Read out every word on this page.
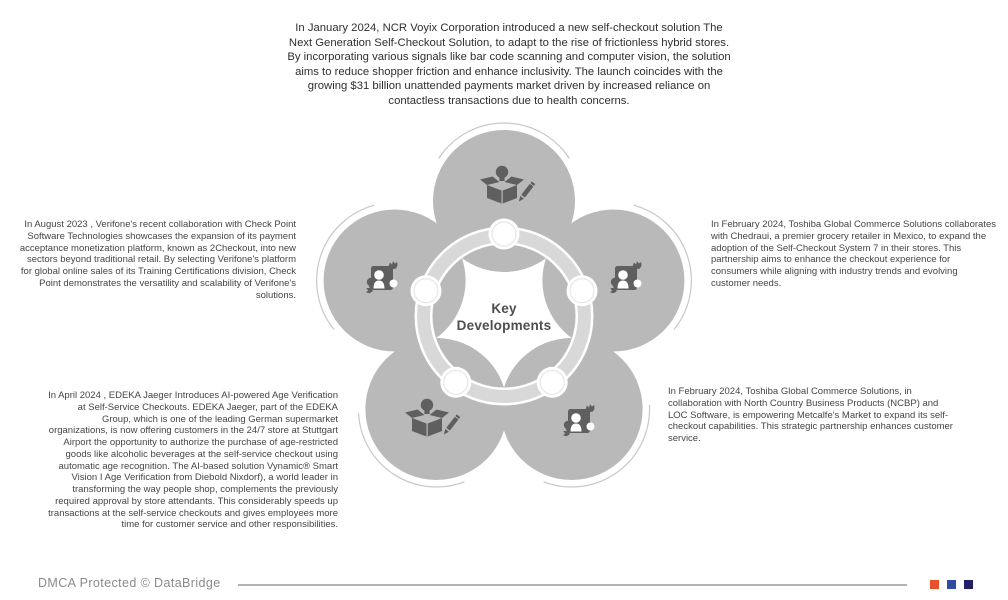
In January 2024, NCR Voyix Corporation introduced a new self-checkout solution The Next Generation Self-Checkout Solution, to adapt to the rise of frictionless hybrid stores. By incorporating various signals like bar code scanning and computer vision, the solution aims to reduce shopper friction and enhance inclusivity. The launch coincides with the growing $31 billion unattended payments market driven by increased reliance on contactless transactions due to health concerns.
In August 2023 , Verifone's recent collaboration with Check Point Software Technologies showcases the expansion of its payment acceptance monetization platform, known as 2Checkout, into new sectors beyond traditional retail. By selecting Verifone's platform for global online sales of its Training Certifications division, Check Point demonstrates the versatility and scalability of Verifone's solutions.
In February 2024, Toshiba Global Commerce Solutions collaborates with Chedraui, a premier grocery retailer in Mexico, to expand the adoption of the Self-Checkout System 7 in their stores. This partnership aims to enhance the checkout experience for consumers while aligning with industry trends and evolving customer needs.
In April 2024 , EDEKA Jaeger Introduces AI-powered Age Verification at Self-Service Checkouts. EDEKA Jaeger, part of the EDEKA Group, which is one of the leading German supermarket organizations, is now offering customers in the 24/7 store at Stuttgart Airport the opportunity to authorize the purchase of age-restricted goods like alcoholic beverages at the self-service checkout using automatic age recognition. The AI-based solution Vynamic® Smart Vision I Age Verification from Diebold Nixdorf), a world leader in transforming the way people shop, complements the previously required approval by store attendants. This considerably speeds up transactions at the self-service checkouts and gives employees more time for customer service and other responsibilities.
In February 2024, Toshiba Global Commerce Solutions, in collaboration with North Country Business Products (NCBP) and LOC Software, is empowering Metcalfe's Market to expand its self-checkout capabilities. This strategic partnership enhances customer service.
Key
Developments
DMCA Protected © DataBridge
